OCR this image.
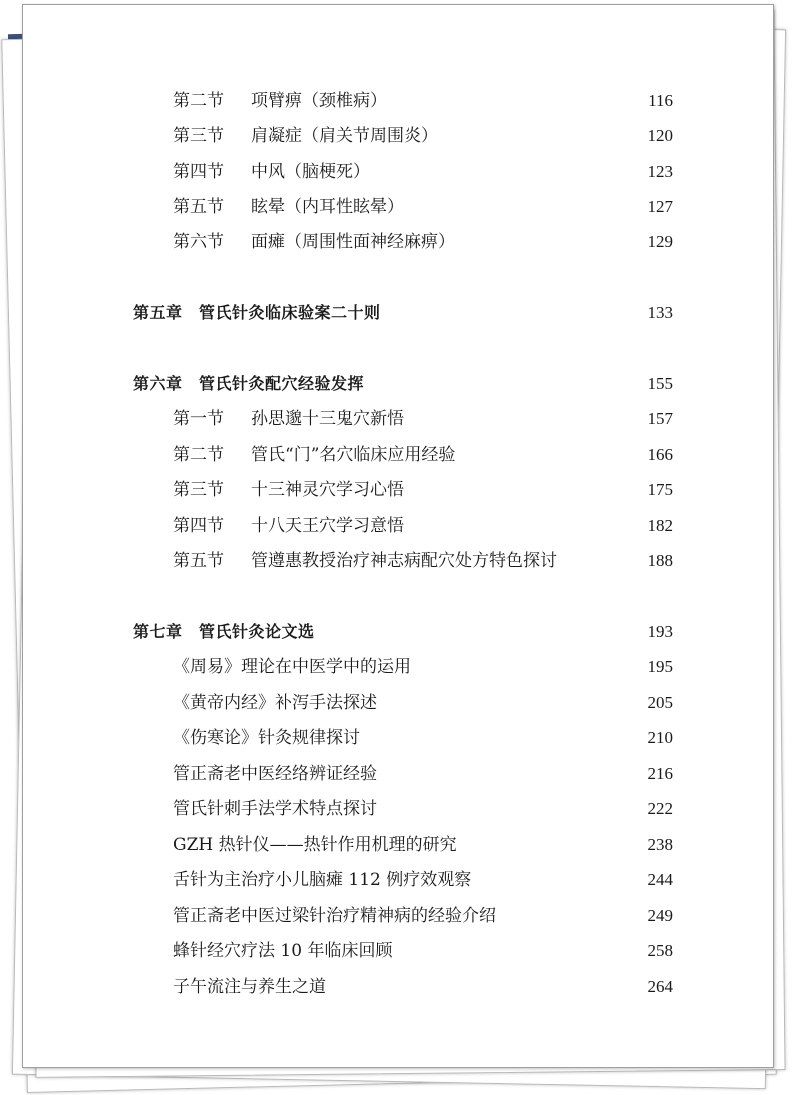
第二节 项臂痹（颈椎病）	116
第三节 肩凝症（肩关节周围炎）	120
第四节 中风（脑梗死）	123
第五节 眩晕（内耳性眩晕）	127
第六节 面瘫（周围性面神经麻痹）	129
第五章　管氏针灸临床验案二十则	133
第六章　管氏针灸配穴经验发挥	155
第一节 孙思邈十三鬼穴新悟	157
第二节 管氏“门”名穴临床应用经验	166
第三节 十三神灵穴学习心悟	175
第四节 十八天王穴学习意悟	182
第五节 管遵惠教授治疗神志病配穴处方特色探讨	188
第七章　管氏针灸论文选	193
《周易》理论在中医学中的运用	195
《黄帝内经》补泻手法探述	205
《伤寒论》针灸规律探讨	210
管正斋老中医经络辨证经验	216
管氏针刺手法学术特点探讨	222
GZH 热针仪——热针作用机理的研究	238
舌针为主治疗小儿脑瘫 112 例疗效观察	244
管正斋老中医过梁针治疗精神病的经验介绍	249
蜂针经穴疗法 10 年临床回顾	258
子午流注与养生之道	264
